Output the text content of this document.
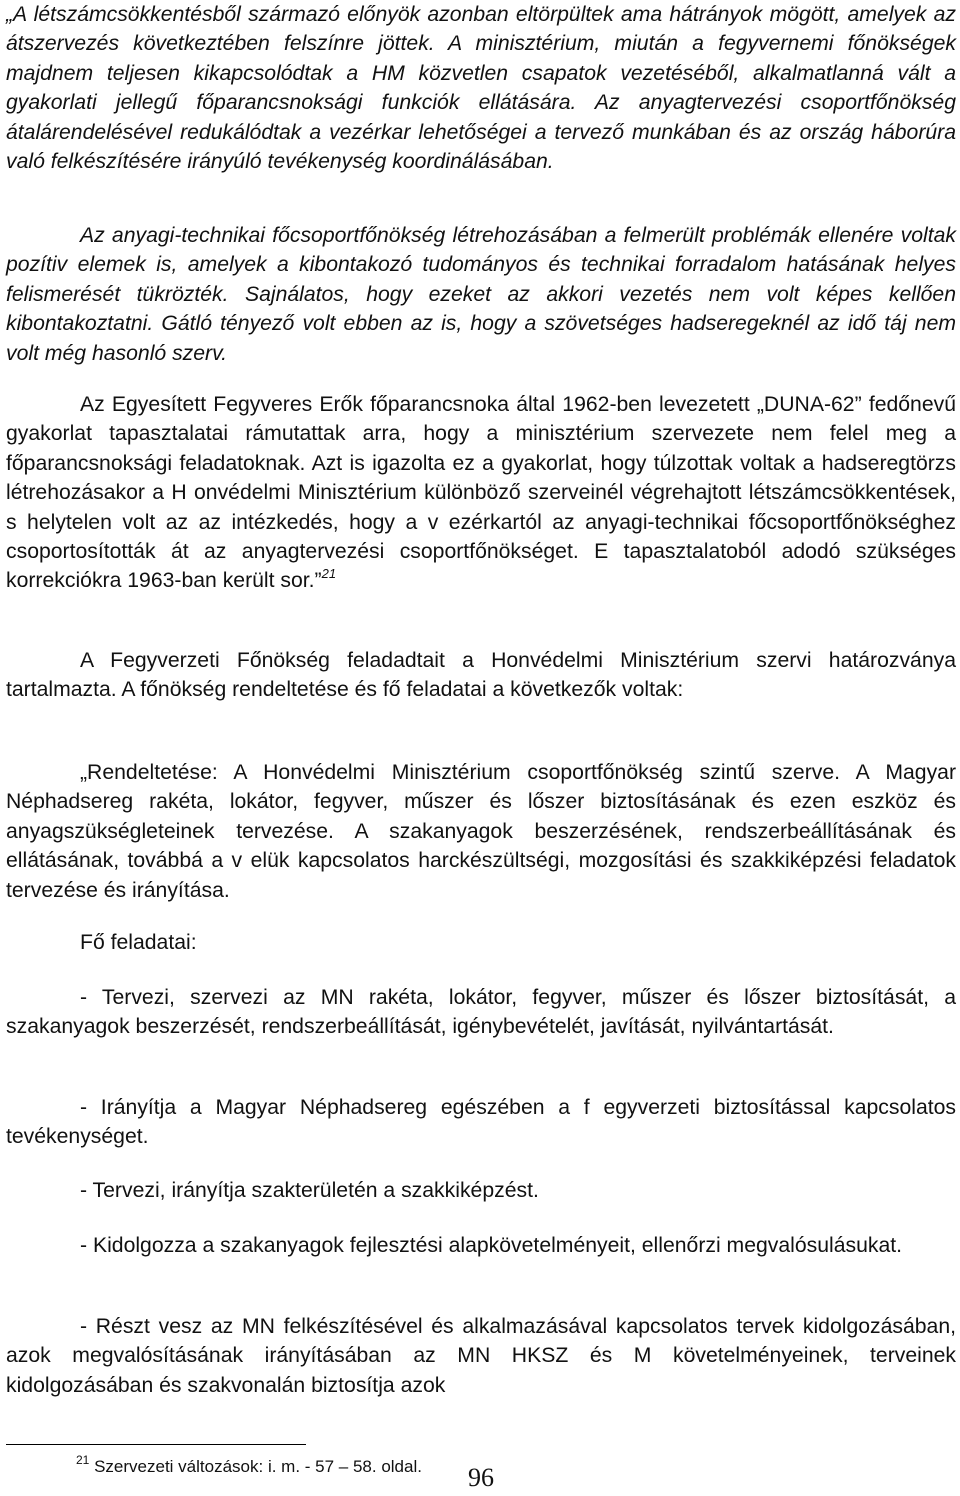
„A létszámcsökkentésből származó előnyök azonban eltörpültek ama hátrányok mögött, amelyek az átszervezés következtében felszínre jöttek. A minisztérium, miután a fegyvernemi főnökségek majdnem teljesen kikapcsolódtak a HM közvetlen csapatok vezetéséből, alkalmatlanná vált a gyakorlati jellegű főparancsnoksági funkciók ellátására. Az anyagtervezési csoportfőnökség átalárendelésével redukálódtak a vezérkar lehetőségei a tervező munkában és az ország háborúra való felkészítésére irányúló tevékenység koordinálásában.

Az anyagi-technikai főcsoportfőnökség létrehozásában a felmerült problémák ellenére voltak pozítiv elemek is, amelyek a kibontakozó tudományos és technikai forradalom hatásának helyes felismerését tükrözték. Sajnálatos, hogy ezeket az akkori vezetés nem volt képes kellően kibontakoztatni. Gátló tényező volt ebben az is, hogy a szövetséges hadseregeknél az idő táj nem volt még hasonló szerv.

Az Egyesített Fegyveres Erők főparancsnoka által 1962-ben levezetett „DUNA-62” fedőnevű gyakorlat tapasztalatai rámutattak arra, hogy a minisztérium szervezete nem felel meg a főparancsnoksági feladatoknak. Azt is igazolta ez a gyakorlat, hogy túlzottak voltak a hadseregtörzs létrehozásakor a H onvédelmi Minisztérium különböző szerveinél végrehajtott létszámcsökkentések, s helytelen volt az az intézkedés, hogy a v ezérkartól az anyagi-technikai főcsoportfőnökséghez csoportosították át az anyagtervezési csoportfőnökséget. E tapasztalatoból adodó szükséges korrekciókra 1963-ban került sor.”$^{21}$

A Fegyverzeti Főnökség feladadtait a Honvédelmi Minisztérium szervi határozványa tartalmazta. A főnökség rendeltetése és fő feladatai a következők voltak:

„Rendeltetése: A Honvédelmi Minisztérium csoportfőnökség szintű szerve. A Magyar Néphadsereg rakéta, lokátor, fegyver, műszer és lőszer biztosításának és ezen eszköz és anyagszükségleteinek tervezése. A szakanyagok beszerzésének, rendszerbeállításának és ellátásának, továbbá a v elük kapcsolatos harckészültségi, mozgosítási és szakkiképzési feladatok tervezése és irányítása.

Fő feladatai:

- Tervezi, szervezi az MN rakéta, lokátor, fegyver, műszer és lőszer biztosítását, a szakanyagok beszerzését, rendszerbeállítását, igénybevételét, javítását, nyilvántartását.

- Irányítja a Magyar Néphadsereg egészében a f egyverzeti biztosítással kapcsolatos tevékenységet.

- Tervezi, irányítja szakterületén a szakkiképzést.

- Kidolgozza a szakanyagok fejlesztési alapkövetelményeit, ellenőrzi megvalósulásukat.

- Részt vesz az MN felkészítésével és alkalmazásával kapcsolatos tervek kidolgozásában, azok megvalósításának irányításában az MN HKSZ és M követelményeinek, terveinek kidolgozásában és szakvonalán biztosítja azok

$^{21}$ Szervezeti változások: i. m. - 57 – 58. oldal.	96
